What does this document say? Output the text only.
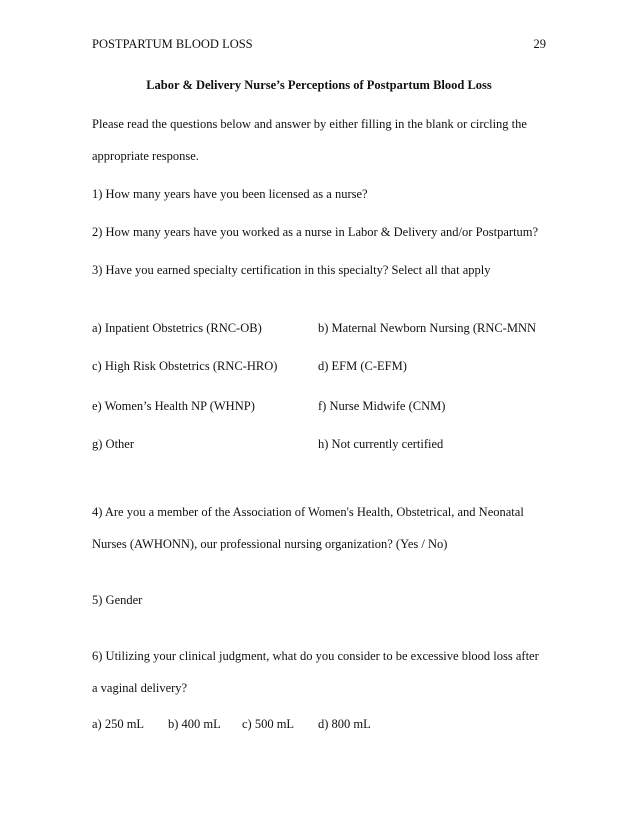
POSTPARTUM BLOOD LOSS	29
Labor & Delivery Nurse’s Perceptions of Postpartum Blood Loss
Please read the questions below and answer by either filling in the blank or circling the
appropriate response.
1) How many years have you been licensed as a nurse?
2) How many years have you worked as a nurse in Labor & Delivery and/or Postpartum?
3) Have you earned specialty certification in this specialty? Select all that apply
a) Inpatient Obstetrics (RNC-OB)	b) Maternal Newborn Nursing (RNC-MNN
c) High Risk Obstetrics (RNC-HRO)	d) EFM (C-EFM)
e) Women’s Health NP (WHNP)	f) Nurse Midwife (CNM)
g) Other	h) Not currently certified
4) Are you a member of the Association of Women's Health, Obstetrical, and Neonatal
Nurses (AWHONN), our professional nursing organization? (Yes / No)
5) Gender
6) Utilizing your clinical judgment, what do you consider to be excessive blood loss after
a vaginal delivery?
a) 250 mL b) 400 mL c) 500 mL d) 800 mL
